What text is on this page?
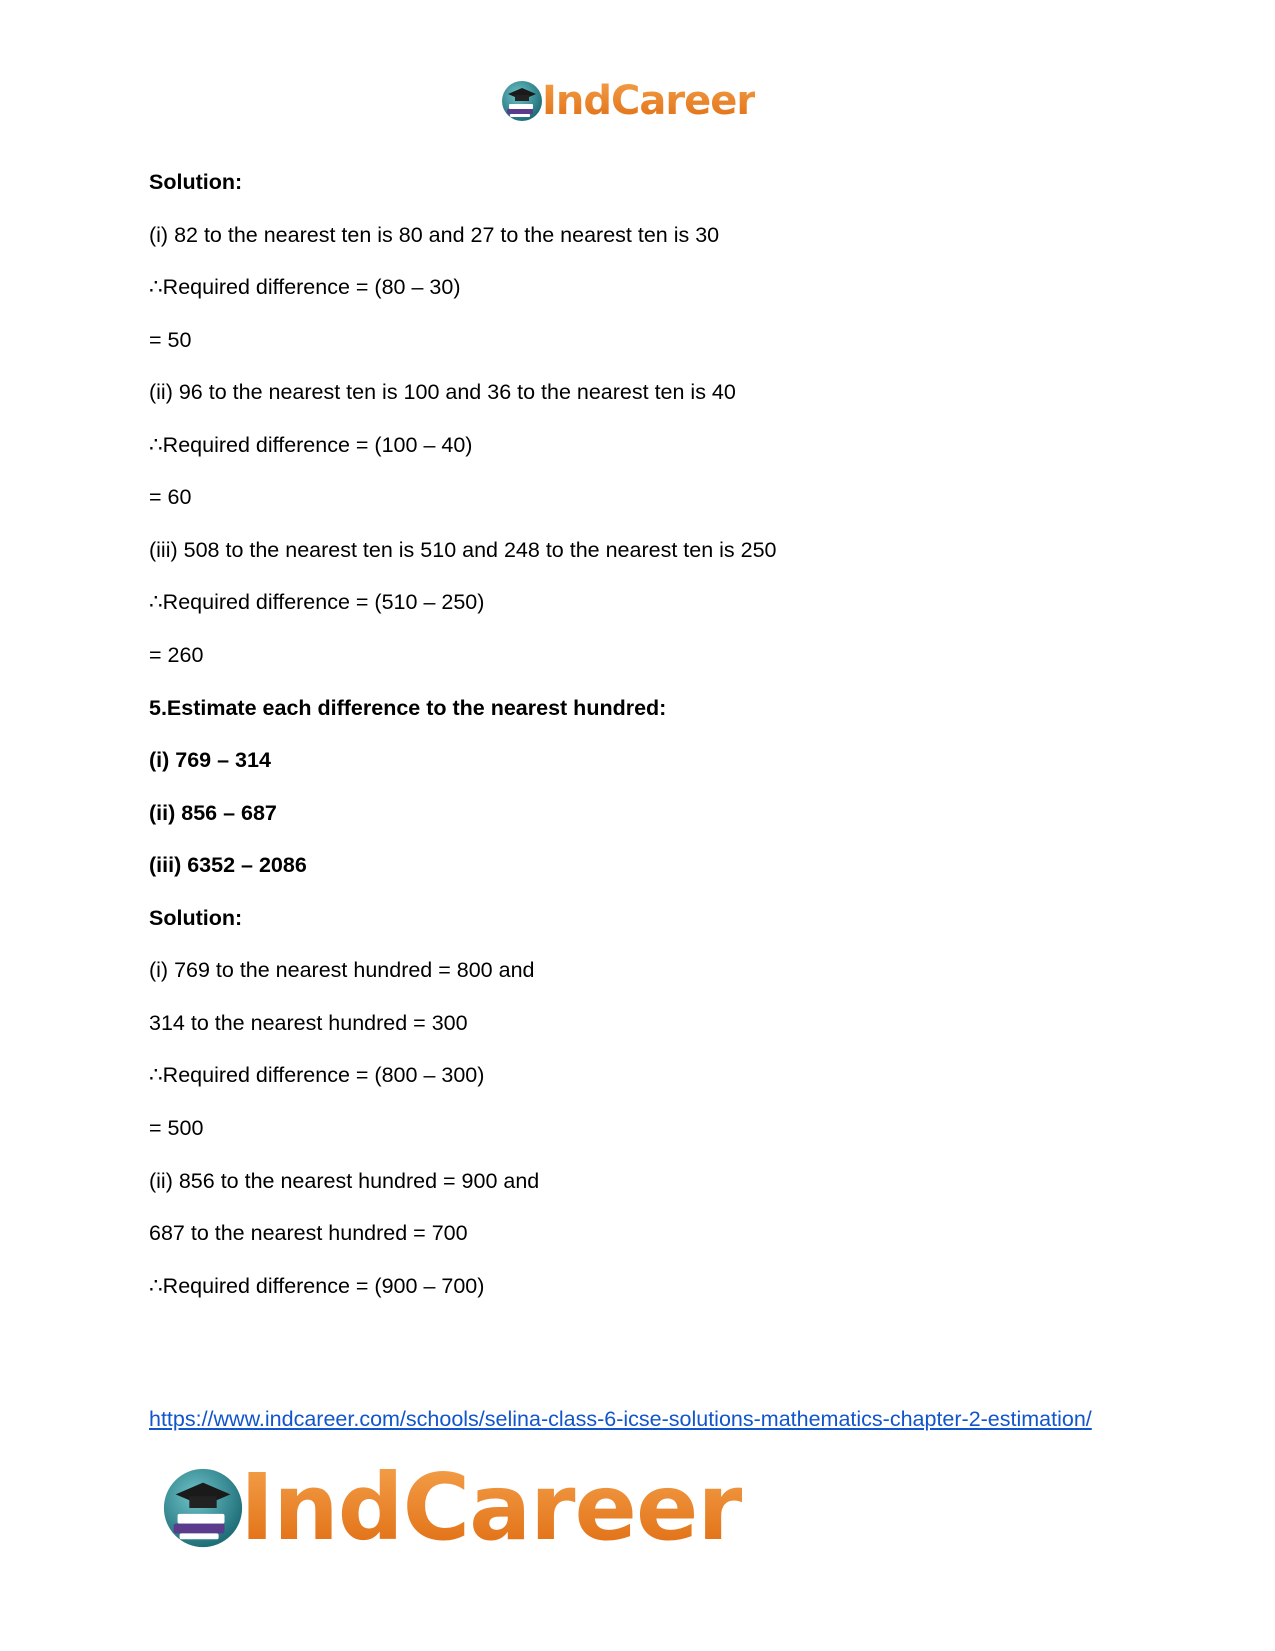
IndCareer
Solution:
(i) 82 to the nearest ten is 80 and 27 to the nearest ten is 30
∴Required difference = (80 – 30)
= 50
(ii) 96 to the nearest ten is 100 and 36 to the nearest ten is 40
∴Required difference = (100 – 40)
= 60
(iii) 508 to the nearest ten is 510 and 248 to the nearest ten is 250
∴Required difference = (510 – 250)
= 260
5.Estimate each difference to the nearest hundred:
(i) 769 – 314
(ii) 856 – 687
(iii) 6352 – 2086
Solution:
(i) 769 to the nearest hundred = 800 and
314 to the nearest hundred = 300
∴Required difference = (800 – 300)
= 500
(ii) 856 to the nearest hundred = 900 and
687 to the nearest hundred = 700
∴Required difference = (900 – 700)
https://www.indcareer.com/schools/selina-class-6-icse-solutions-mathematics-chapter-2-estimation/
IndCareer
